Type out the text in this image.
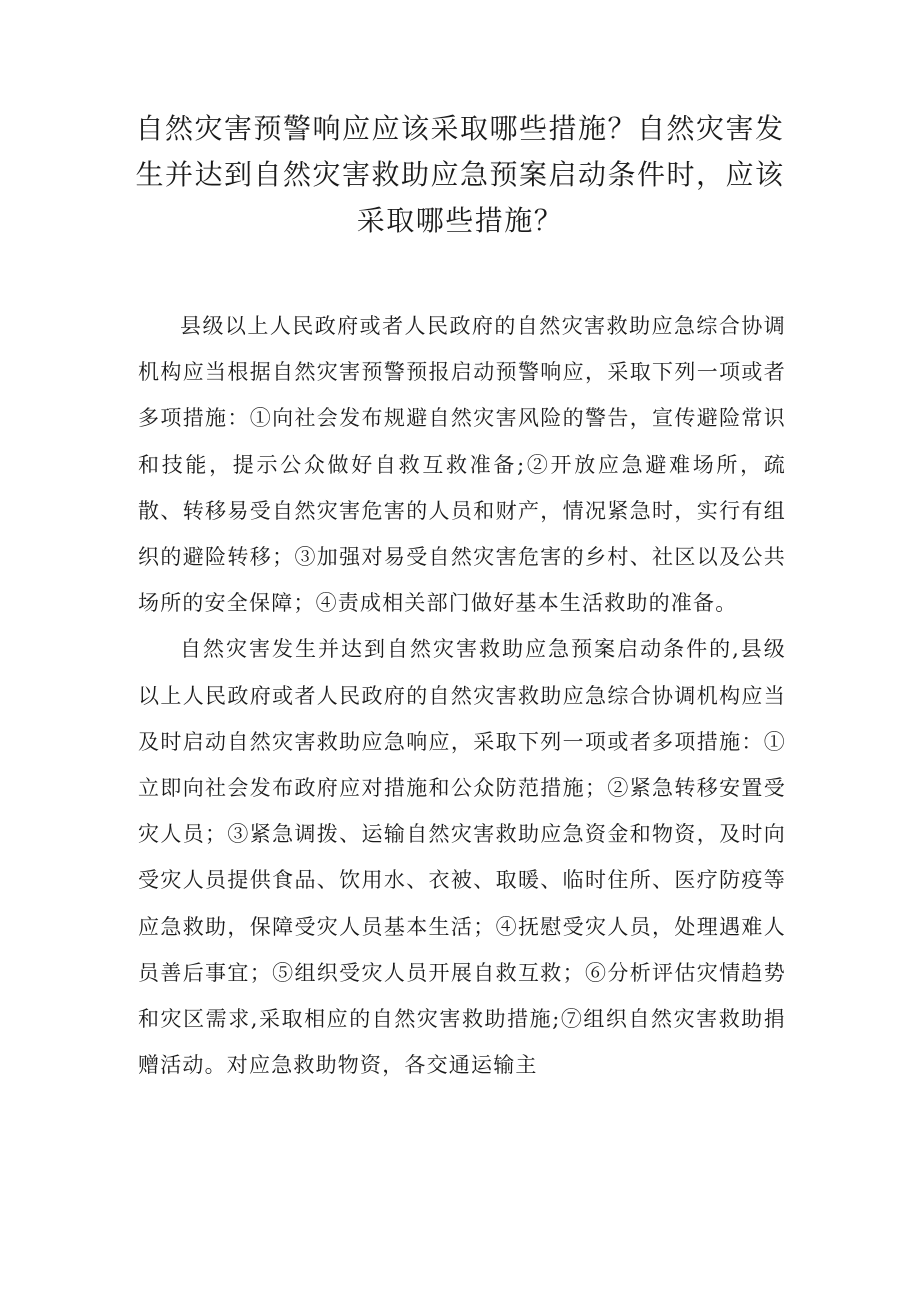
自然灾害预警响应应该采取哪些措施？自然灾害发生并达到自然灾害救助应急预案启动条件时，应该采取哪些措施？

县级以上人民政府或者人民政府的自然灾害救助应急综合协调机构应当根据自然灾害预警预报启动预警响应，采取下列一项或者多项措施：①向社会发布规避自然灾害风险的警告，宣传避险常识和技能，提示公众做好自救互救准备;②开放应急避难场所，疏散、转移易受自然灾害危害的人员和财产，情况紧急时，实行有组织的避险转移；③加强对易受自然灾害危害的乡村、社区以及公共场所的安全保障；④责成相关部门做好基本生活救助的准备。

自然灾害发生并达到自然灾害救助应急预案启动条件的,县级以上人民政府或者人民政府的自然灾害救助应急综合协调机构应当及时启动自然灾害救助应急响应，采取下列一项或者多项措施：①立即向社会发布政府应对措施和公众防范措施；②紧急转移安置受灾人员；③紧急调拨、运输自然灾害救助应急资金和物资，及时向受灾人员提供食品、饮用水、衣被、取暖、临时住所、医疗防疫等应急救助，保障受灾人员基本生活；④抚慰受灾人员，处理遇难人员善后事宜；⑤组织受灾人员开展自救互救；⑥分析评估灾情趋势和灾区需求,采取相应的自然灾害救助措施;⑦组织自然灾害救助捐赠活动。对应急救助物资，各交通运输主
